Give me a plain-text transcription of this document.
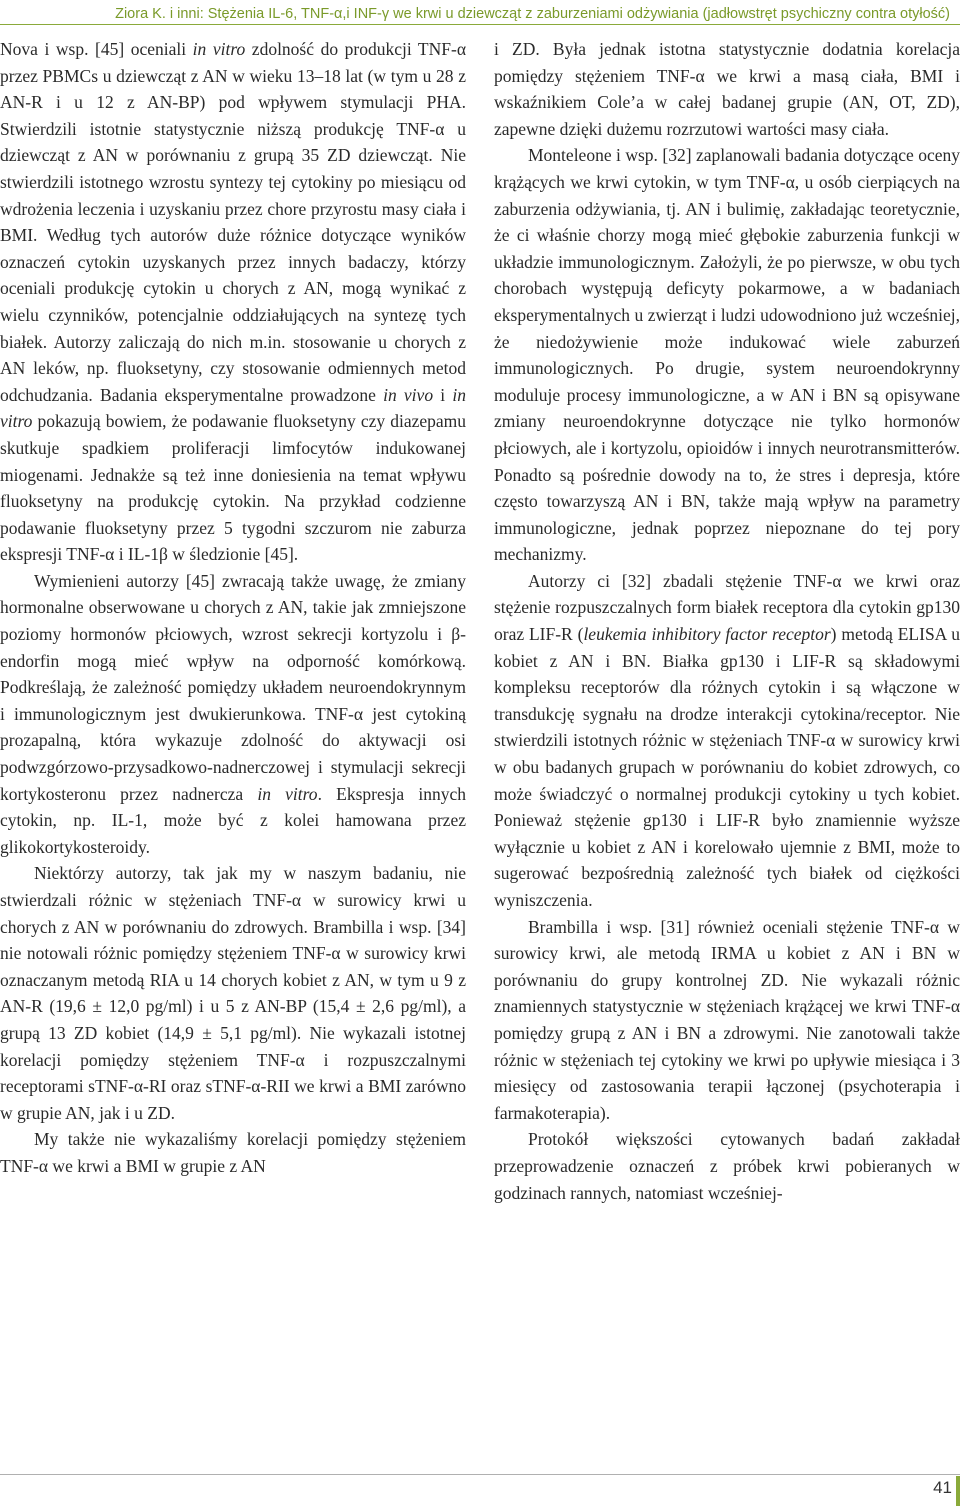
Ziora K. i inni: Stężenia IL-6, TNF-α,i INF-γ we krwi u dziewcząt z zaburzeniami odżywiania (jadłowstręt psychiczny contra otyłość)

Nova i wsp. [45] oceniali in vitro zdolność do produkcji TNF-α przez PBMCs u dziewcząt z AN w wieku 13–18 lat (w tym u 28 z AN-R i u 12 z AN-BP) pod wpływem stymulacji PHA. Stwierdzili istotnie statystycznie niższą produkcję TNF-α u dziewcząt z AN w porównaniu z grupą 35 ZD dziewcząt. Nie stwierdzili istotnego wzrostu syntezy tej cytokiny po miesiącu od wdrożenia leczenia i uzyskaniu przez chore przyrostu masy ciała i BMI. Według tych autorów duże różnice dotyczące wyników oznaczeń cytokin uzyskanych przez innych badaczy, którzy oceniali produkcję cytokin u chorych z AN, mogą wynikać z wielu czynników, potencjalnie oddziałujących na syntezę tych białek. Autorzy zaliczają do nich m.in. stosowanie u chorych z AN leków, np. fluoksetyny, czy stosowanie odmiennych metod odchudzania. Badania eksperymentalne prowadzone in vivo i in vitro pokazują bowiem, że podawanie fluoksetyny czy diazepamu skutkuje spadkiem proliferacji limfocytów indukowanej miogenami. Jednakże są też inne doniesienia na temat wpływu fluoksetyny na produkcję cytokin. Na przykład codzienne podawanie fluoksetyny przez 5 tygodni szczurom nie zaburza ekspresji TNF-α i IL-1β w śledzionie [45].

Wymienieni autorzy [45] zwracają także uwagę, że zmiany hormonalne obserwowane u chorych z AN, takie jak zmniejszone poziomy hormonów płciowych, wzrost sekrecji kortyzolu i β-endorfin mogą mieć wpływ na odporność komórkową. Podkreślają, że zależność pomiędzy układem neuroendokrynnym i immunologicznym jest dwukierunkowa. TNF-α jest cytokiną prozapalną, która wykazuje zdolność do aktywacji osi podwzgórzowo-przysadkowo-nadnerczowej i stymulacji sekrecji kortykosteronu przez nadnercza in vitro. Ekspresja innych cytokin, np. IL-1, może być z kolei hamowana przez glikokortykosteroidy.

Niektórzy autorzy, tak jak my w naszym badaniu, nie stwierdzali różnic w stężeniach TNF-α w surowicy krwi u chorych z AN w porównaniu do zdrowych. Brambilla i wsp. [34] nie notowali różnic pomiędzy stężeniem TNF-α w surowicy krwi oznaczanym metodą RIA u 14 chorych kobiet z AN, w tym u 9 z AN-R (19,6 ± 12,0 pg/ml) i u 5 z AN-BP (15,4 ± 2,6 pg/ml), a grupą 13 ZD kobiet (14,9 ± 5,1 pg/ml). Nie wykazali istotnej korelacji pomiędzy stężeniem TNF-α i rozpuszczalnymi receptorami sTNF-α-RI oraz sTNF-α-RII we krwi a BMI zarówno w grupie AN, jak i u ZD.

My także nie wykazaliśmy korelacji pomiędzy stężeniem TNF-α we krwi a BMI w grupie z AN

i ZD. Była jednak istotna statystycznie dodatnia korelacja pomiędzy stężeniem TNF-α we krwi a masą ciała, BMI i wskaźnikiem Cole’a w całej badanej grupie (AN, OT, ZD), zapewne dzięki dużemu rozrzutowi wartości masy ciała.

Monteleone i wsp. [32] zaplanowali badania dotyczące oceny krążących we krwi cytokin, w tym TNF-α, u osób cierpiących na zaburzenia odżywiania, tj. AN i bulimię, zakładając teoretycznie, że ci właśnie chorzy mogą mieć głębokie zaburzenia funkcji w układzie immunologicznym. Założyli, że po pierwsze, w obu tych chorobach występują deficyty pokarmowe, a w badaniach eksperymentalnych u zwierząt i ludzi udowodniono już wcześniej, że niedożywienie może indukować wiele zaburzeń immunologicznych. Po drugie, system neuroendokrynny moduluje procesy immunologiczne, a w AN i BN są opisywane zmiany neuroendokrynne dotyczące nie tylko hormonów płciowych, ale i kortyzolu, opioidów i innych neurotransmitterów. Ponadto są pośrednie dowody na to, że stres i depresja, które często towarzyszą AN i BN, także mają wpływ na parametry immunologiczne, jednak poprzez niepoznane do tej pory mechanizmy.

Autorzy ci [32] zbadali stężenie TNF-α we krwi oraz stężenie rozpuszczalnych form białek receptora dla cytokin gp130 oraz LIF-R (leukemia inhibitory factor receptor) metodą ELISA u kobiet z AN i BN. Białka gp130 i LIF-R są składowymi kompleksu receptorów dla różnych cytokin i są włączone w transdukcję sygnału na drodze interakcji cytokina/receptor. Nie stwierdzili istotnych różnic w stężeniach TNF-α w surowicy krwi w obu badanych grupach w porównaniu do kobiet zdrowych, co może świadczyć o normalnej produkcji cytokiny u tych kobiet. Ponieważ stężenie gp130 i LIF-R było znamiennie wyższe wyłącznie u kobiet z AN i korelowało ujemnie z BMI, może to sugerować bezpośrednią zależność tych białek od ciężkości wyniszczenia.

Brambilla i wsp. [31] również oceniali stężenie TNF-α w surowicy krwi, ale metodą IRMA u kobiet z AN i BN w porównaniu do grupy kontrolnej ZD. Nie wykazali różnic znamiennych statystycznie w stężeniach krążącej we krwi TNF-α pomiędzy grupą z AN i BN a zdrowymi. Nie zanotowali także różnic w stężeniach tej cytokiny we krwi po upływie miesiąca i 3 miesięcy od zastosowania terapii łączonej (psychoterapia i farmakoterapia).

Protokół większości cytowanych badań zakładał przeprowadzenie oznaczeń z próbek krwi pobieranych w godzinach rannych, natomiast wcześniej-

41
